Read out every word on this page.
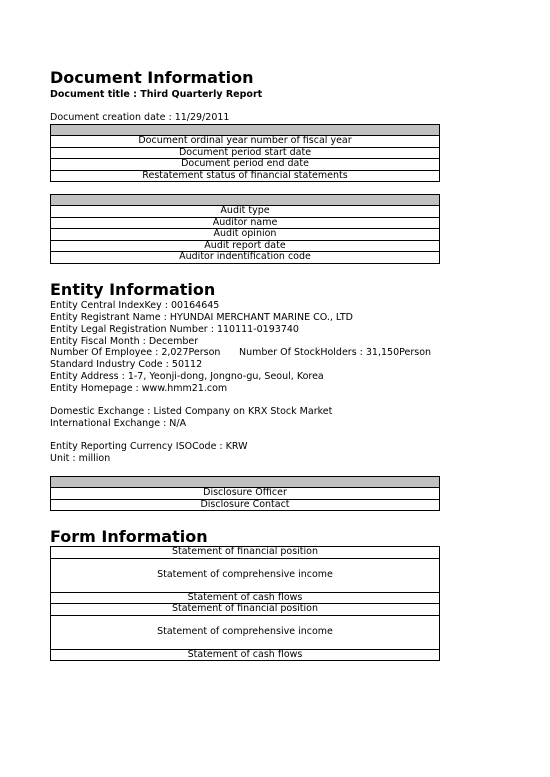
Document Information
Document title : Third Quarterly Report
Document creation date : 11/29/2011

Document ordinal year number of fiscal year
Document period start date
Document period end date
Restatement status of financial statements

Audit type
Auditor name
Audit opinion
Audit report date
Auditor indentification code
Entity Information
Entity Central IndexKey : 00164645
Entity Registrant Name : HYUNDAI MERCHANT MARINE CO., LTD
Entity Legal Registration Number : 110111-0193740
Entity Fiscal Month : December
Number Of Employee : 2,027Person Number Of StockHolders : 31,150Person
Standard Industry Code : 50112
Entity Address : 1-7, Yeonji-dong, Jongno-gu, Seoul, Korea
Entity Homepage : www.hmm21.com
Domestic Exchange : Listed Company on KRX Stock Market
International Exchange : N/A
Entity Reporting Currency ISOCode : KRW
Unit : million

Disclosure Officer
Disclosure Contact
Form Information
Statement of financial position
Statement of comprehensive income
Statement of cash flows
Statement of financial position
Statement of comprehensive income
Statement of cash flows
